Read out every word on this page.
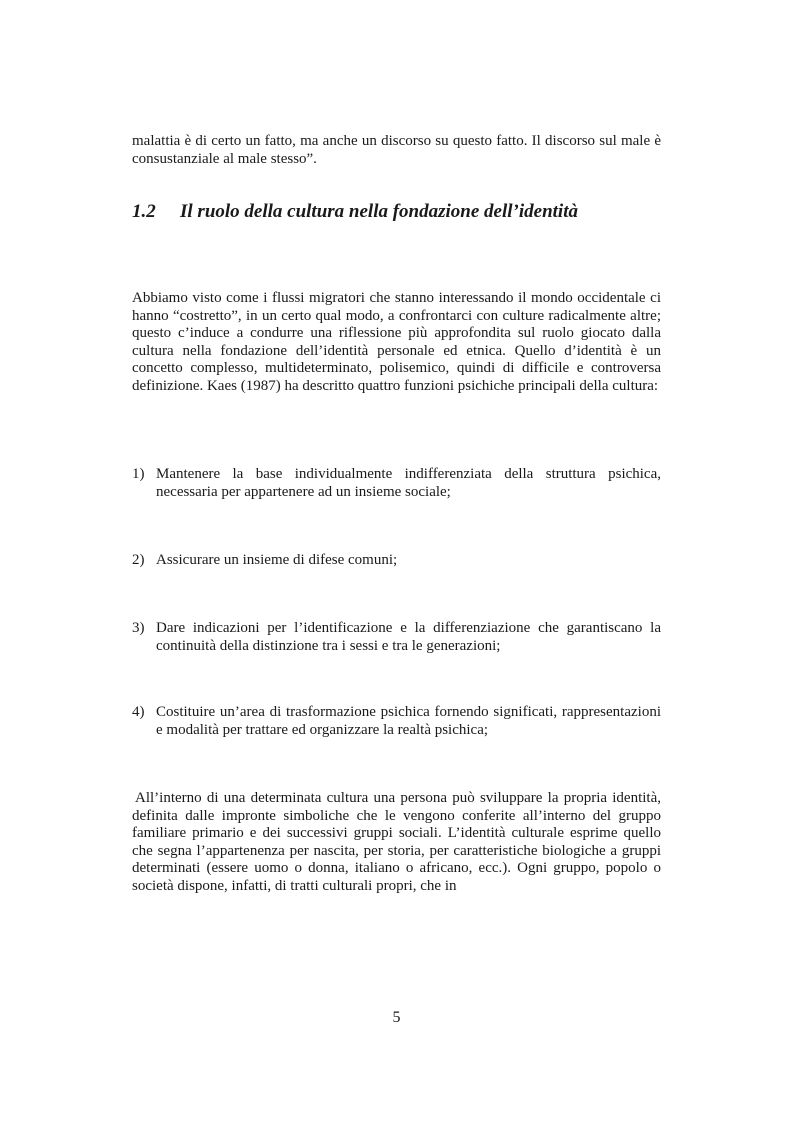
malattia è di certo un fatto, ma anche un discorso su questo fatto. Il discorso sul male è consustanziale al male stesso”.

1.2 Il ruolo della cultura nella fondazione dell’identità

Abbiamo visto come i flussi migratori che stanno interessando il mondo occidentale ci hanno “costretto”, in un certo qual modo, a confrontarci con culture radicalmente altre; questo c’induce a condurre una riflessione più approfondita sul ruolo giocato dalla cultura nella fondazione dell’identità personale ed etnica. Quello d’identità è un concetto complesso, multideterminato, polisemico, quindi di difficile e controversa definizione. Kaes (1987) ha descritto quattro funzioni psichiche principali della cultura:

1) Mantenere la base individualmente indifferenziata della struttura psichica, necessaria per appartenere ad un insieme sociale;
2) Assicurare un insieme di difese comuni;
3) Dare indicazioni per l’identificazione e la differenziazione che garantiscano la continuità della distinzione tra i sessi e tra le generazioni;
4) Costituire un’area di trasformazione psichica fornendo significati, rappresentazioni e modalità per trattare ed organizzare la realtà psichica;

All’interno di una determinata cultura una persona può sviluppare la propria identità, definita dalle impronte simboliche che le vengono conferite all’interno del gruppo familiare primario e dei successivi gruppi sociali. L’identità culturale esprime quello che segna l’appartenenza per nascita, per storia, per caratteristiche biologiche a gruppi determinati (essere uomo o donna, italiano o africano, ecc.). Ogni gruppo, popolo o società dispone, infatti, di tratti culturali propri, che in

5
